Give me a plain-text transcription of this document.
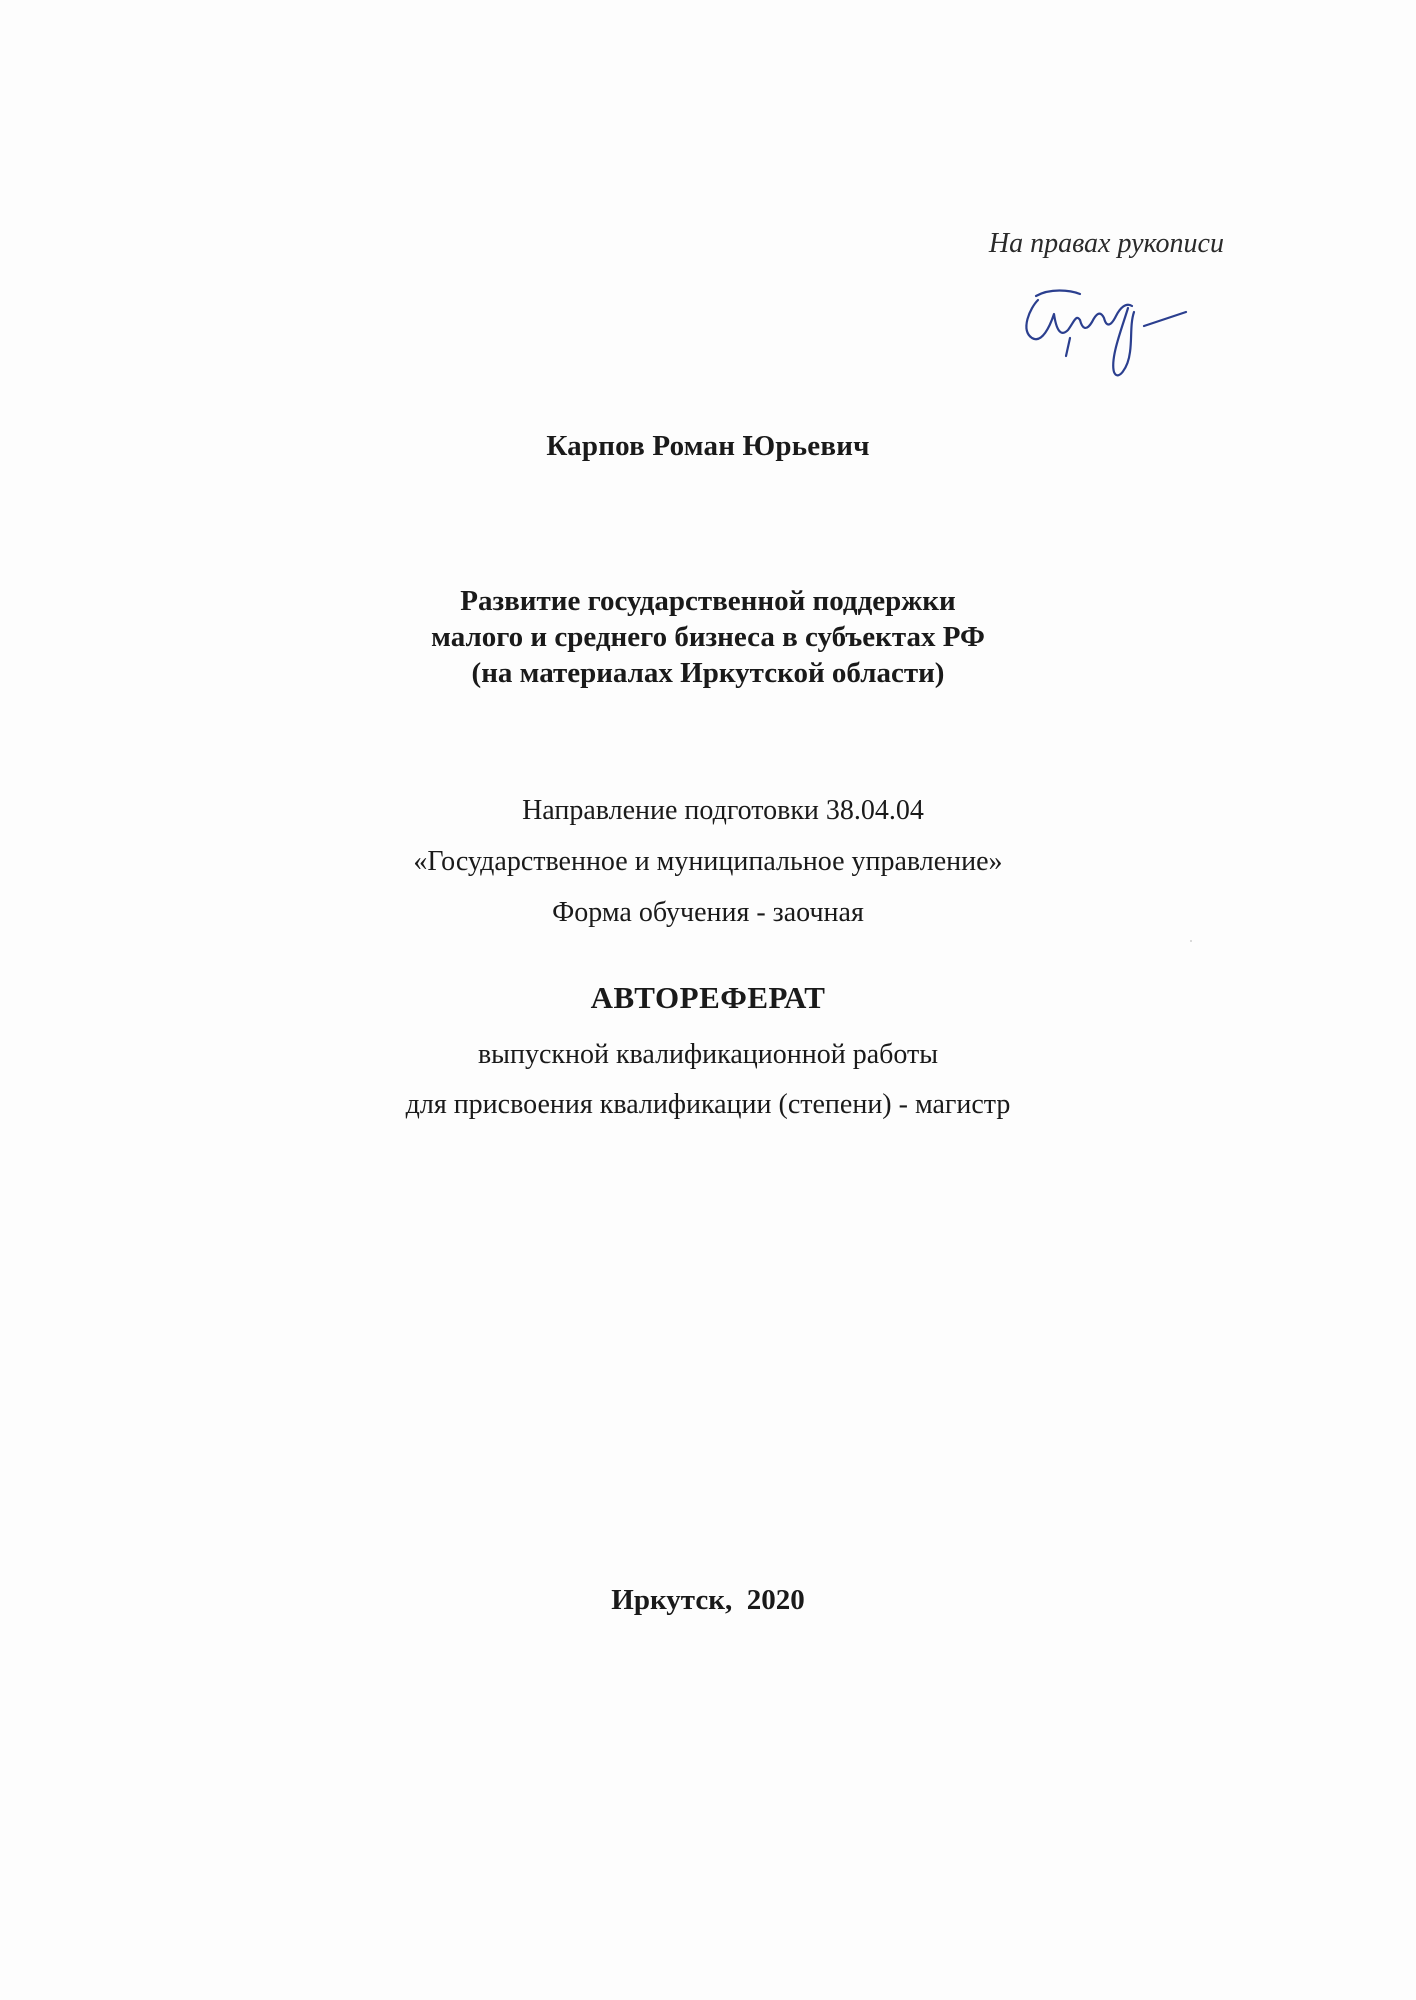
На правах рукописи
Карпов Роман Юрьевич
Развитие государственной поддержки
малого и среднего бизнеса в субъектах РФ
(на материалах Иркутской области)
Направление подготовки 38.04.04
«Государственное и муниципальное управление»
Форма обучения - заочная
АВТОРЕФЕРАТ
выпускной квалификационной работы
для присвоения квалификации (степени) - магистр
Иркутск,  2020
